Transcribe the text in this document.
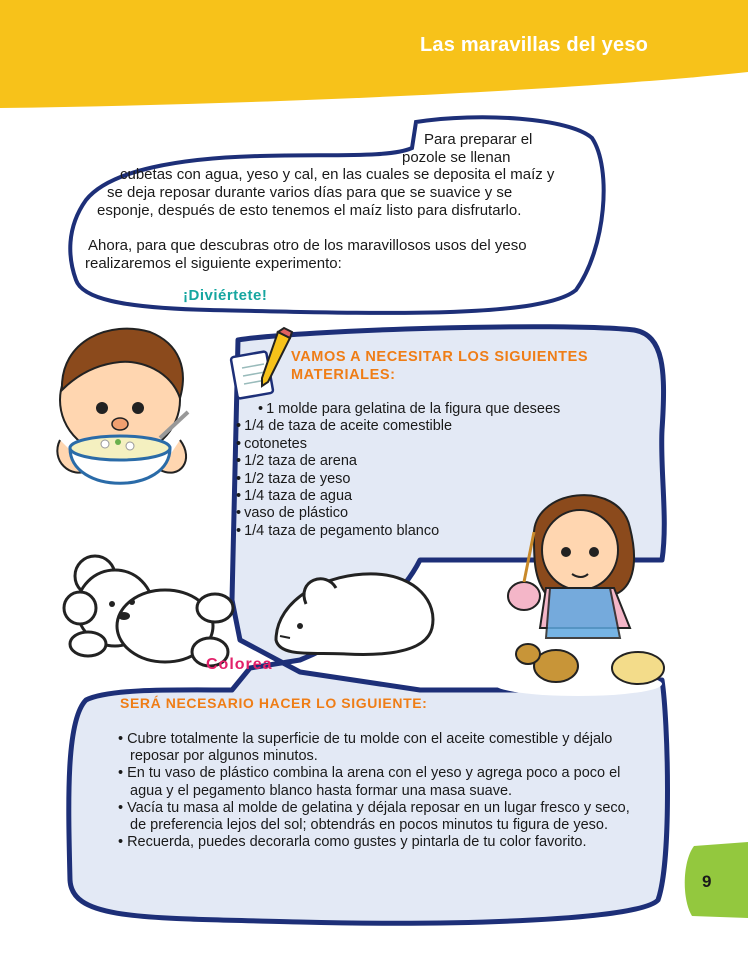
Las maravillas del yeso
Para preparar el
pozole se llenan
cubetas con agua, yeso y cal, en las cuales se deposita el maíz y
se deja reposar durante varios días para que se suavice y se
esponje, después de esto tenemos el maíz listo para disfrutarlo.
Ahora, para que descubras otro de los maravillosos usos del yeso
realizaremos el siguiente experimento:
¡Diviértete!
VAMOS A NECESITAR LOS SIGUIENTES
MATERIALES:
• 1 molde para gelatina de la figura que desees
• 1/4 de taza de aceite comestible
• cotonetes
• 1/2 taza de arena
• 1/2 taza de yeso
• 1/4 taza de agua
• vaso de plástico
• 1/4 taza de pegamento blanco
Colorea
SERÁ NECESARIO HACER LO SIGUIENTE:
• Cubre totalmente la superficie de tu molde con el aceite comestible y déjalo reposar por algunos minutos.
• En tu vaso de plástico combina la arena con el yeso y agrega poco a poco el agua y el pegamento blanco hasta formar una masa suave.
• Vacía tu masa al molde de gelatina y déjala reposar en un lugar fresco y seco, de preferencia lejos del sol; obtendrás en pocos minutos tu figura de yeso.
• Recuerda, puedes decorarla como gustes y pintarla de tu color favorito.
9
